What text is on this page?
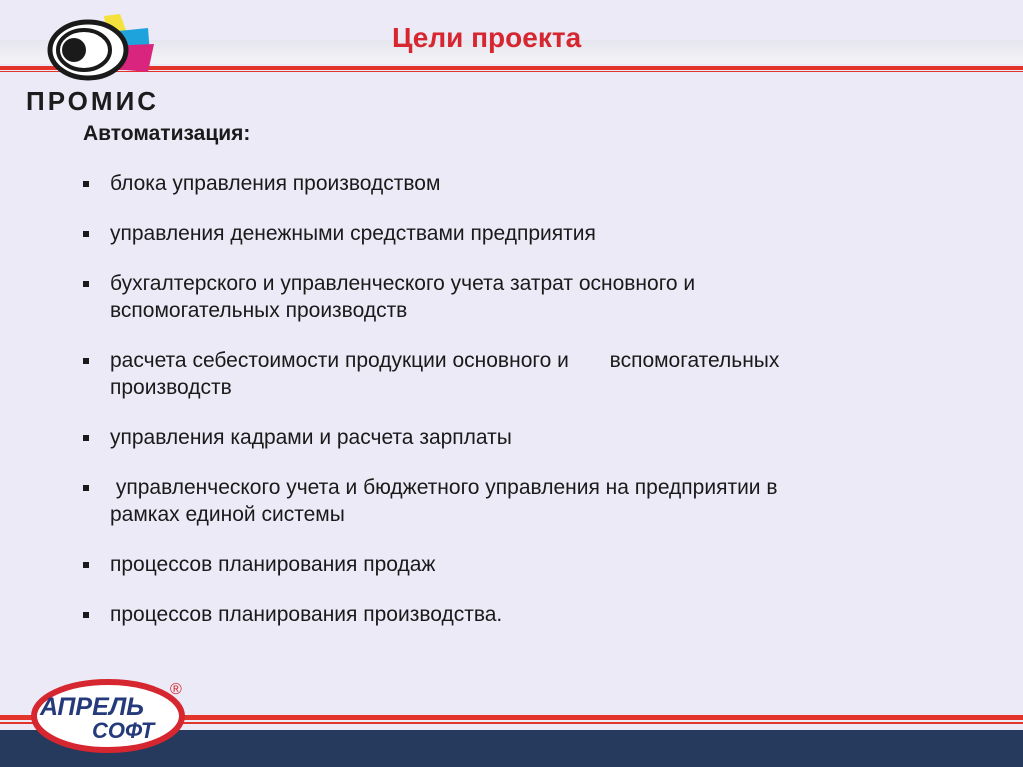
ПРОМИС
Цели проекта
Автоматизация:
блока управления производством
управления денежными средствами предприятия
бухгалтерского и управленческого учета затрат основного и
вспомогательных производств
расчета себестоимости продукции основного и       вспомогательных
производств
управления кадрами и расчета зарплаты
управленческого учета и бюджетного управления на предприятии в
рамках единой системы
процессов планирования продаж
процессов планирования производства.
АПРЕЛЬ
СОФТ
®
